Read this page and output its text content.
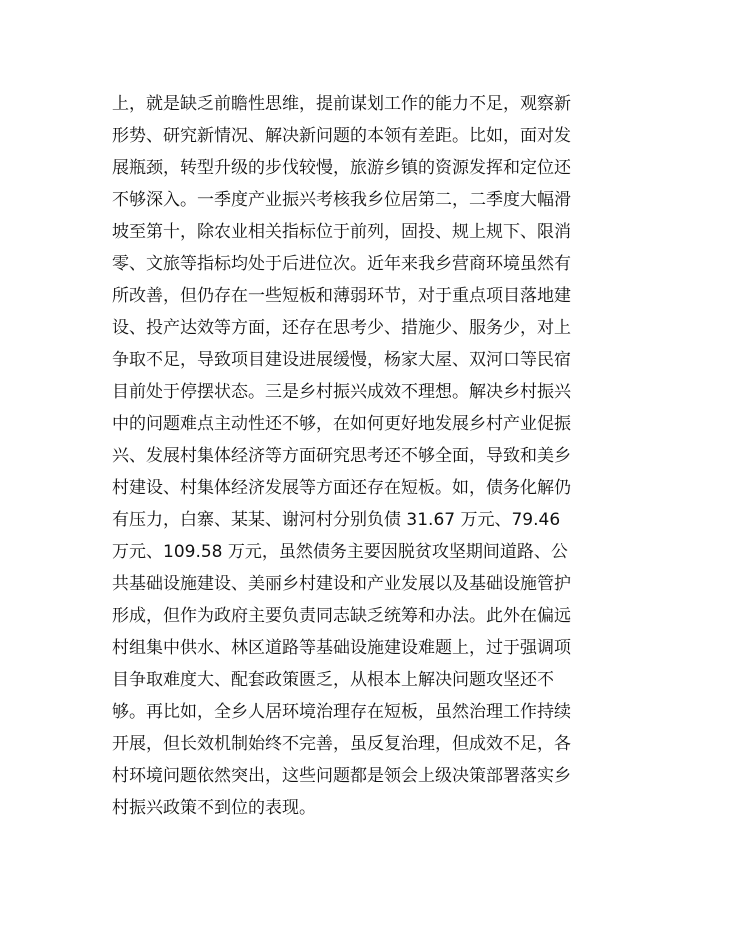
上，就是缺乏前瞻性思维，提前谋划工作的能力不足，观察新
形势、研究新情况、解决新问题的本领有差距。比如，面对发
展瓶颈，转型升级的步伐较慢，旅游乡镇的资源发挥和定位还
不够深入。一季度产业振兴考核我乡位居第二，二季度大幅滑
坡至第十，除农业相关指标位于前列，固投、规上规下、限消
零、文旅等指标均处于后进位次。近年来我乡营商环境虽然有
所改善，但仍存在一些短板和薄弱环节，对于重点项目落地建
设、投产达效等方面，还存在思考少、措施少、服务少，对上
争取不足，导致项目建设进展缓慢，杨家大屋、双河口等民宿
目前处于停摆状态。三是乡村振兴成效不理想。解决乡村振兴
中的问题难点主动性还不够，在如何更好地发展乡村产业促振
兴、发展村集体经济等方面研究思考还不够全面，导致和美乡
村建设、村集体经济发展等方面还存在短板。如，债务化解仍
有压力，白寨、某某、谢河村分别负债 31.67 万元、79.46
万元、109.58 万元，虽然债务主要因脱贫攻坚期间道路、公
共基础设施建设、美丽乡村建设和产业发展以及基础设施管护
形成，但作为政府主要负责同志缺乏统筹和办法。此外在偏远
村组集中供水、林区道路等基础设施建设难题上，过于强调项
目争取难度大、配套政策匮乏，从根本上解决问题攻坚还不
够。再比如，全乡人居环境治理存在短板，虽然治理工作持续
开展，但长效机制始终不完善，虽反复治理，但成效不足，各
村环境问题依然突出，这些问题都是领会上级决策部署落实乡
村振兴政策不到位的表现。
